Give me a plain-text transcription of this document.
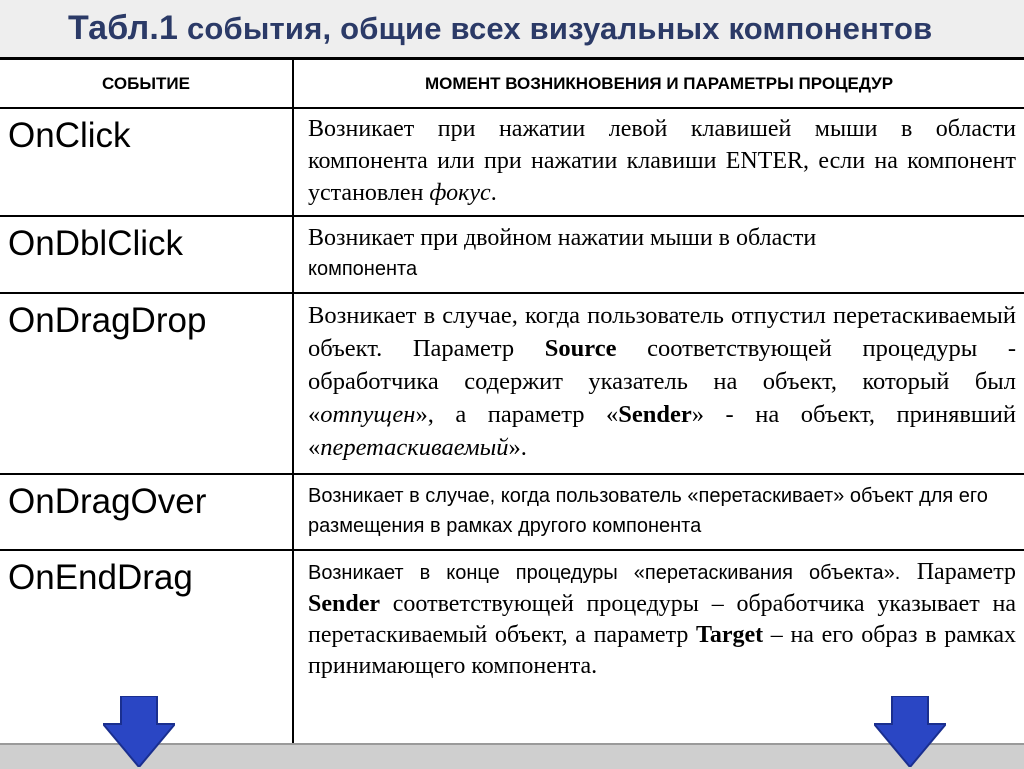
Табл.1 события, общие всех визуальных компонентов
СОБЫТИЕ	МОМЕНТ ВОЗНИКНОВЕНИЯ И ПАРАМЕТРЫ ПРОЦЕДУР
OnClick	Возникает при нажатии левой клавишей мыши в области компонента или при нажатии клавиши ENTER, если на компонент установлен фокус.
OnDblClick	Возникает при двойном нажатии мыши в области
компонента
OnDragDrop	Возникает в случае, когда пользователь отпустил перетаскиваемый объект. Параметр Source соответствующей процедуры - обработчика содержит указатель на объект, который был «отпущен», а параметр «Sender» - на объект, принявший «перетаскиваемый».
OnDragOver	Возникает в случае, когда пользователь «перетаскивает» объект для его размещения в рамках другого компонента
OnEndDrag	Возникает в конце процедуры «перетаскивания объекта». Параметр Sender соответствующей процедуры – обработчика указывает на перетаскиваемый объект, а параметр Target – на его образ в рамках принимающего компонента.
